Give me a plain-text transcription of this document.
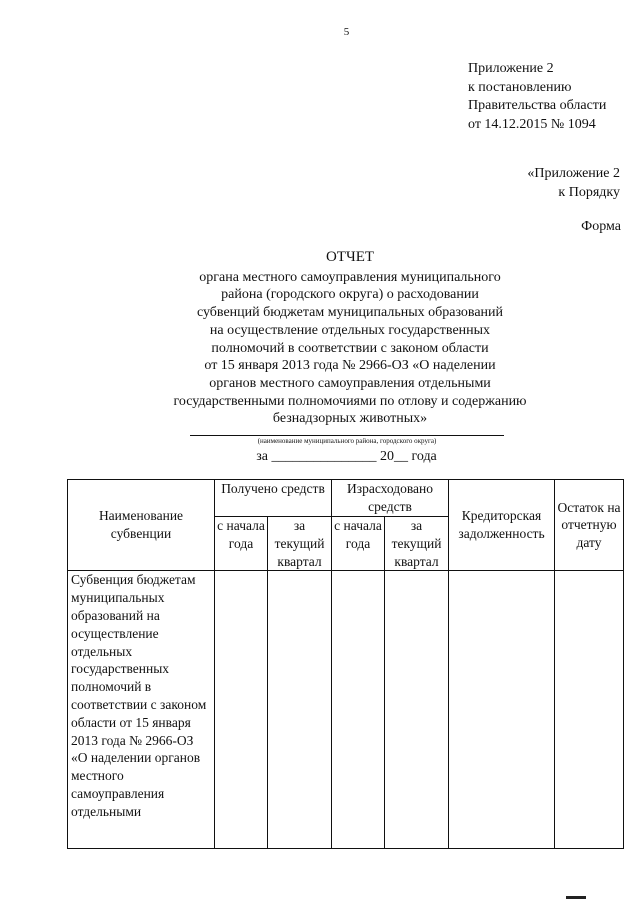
5
Приложение 2
к постановлению
Правительства области
от 14.12.2015 № 1094
«Приложение 2
к Порядку
Форма
ОТЧЕТ
органа местного самоуправления муниципального
района (городского округа) о расходовании
субвенций бюджетам муниципальных образований
на осуществление отдельных государственных
полномочий в соответствии с законом области
от 15 января 2013 года № 2966-ОЗ «О наделении
органов местного самоуправления отдельными
государственными полномочиями по отлову и содержанию
безнадзорных животных»
(наименование муниципального района, городского округа)
за _______________ 20__ года
Наименование субвенции	Получено средств		Израсходовано средств		Кредиторская задолженность	Остаток на отчетную дату
	с начала года	за текущий квартал	с начала года	за текущий квартал		
Субвенция бюджетам муниципальных образований на осуществление отдельных государственных полномочий в соответствии с законом области от 15 января 2013 года № 2966-ОЗ «О наделении органов местного самоуправления отдельными						
